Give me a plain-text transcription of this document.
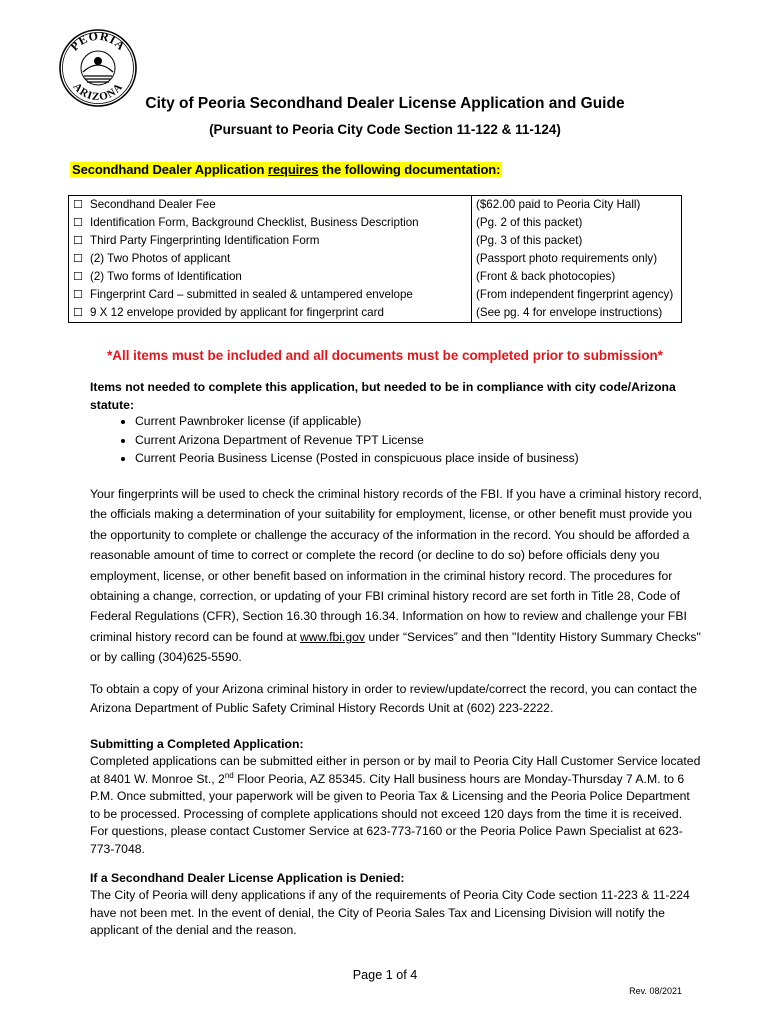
PEORIA
ARIZONA
City of Peoria Secondhand Dealer License Application and Guide
(Pursuant to Peoria City Code Section 11-122 & 11-124)
Secondhand Dealer Application requires the following documentation:
☐ Secondhand Dealer Fee	($62.00 paid to Peoria City Hall)
☐ Identification Form, Background Checklist, Business Description	(Pg. 2 of this packet)
☐ Third Party Fingerprinting Identification Form	(Pg. 3 of this packet)
☐ (2) Two Photos of applicant	(Passport photo requirements only)
☐ (2) Two forms of Identification	(Front & back photocopies)
☐ Fingerprint Card – submitted in sealed & untampered envelope	(From independent fingerprint agency)
☐ 9 X 12 envelope provided by applicant for fingerprint card	(See pg. 4 for envelope instructions)
*All items must be included and all documents must be completed prior to submission*
Items not needed to complete this application, but needed to be in compliance with city code/Arizona statute:
• Current Pawnbroker license (if applicable)
• Current Arizona Department of Revenue TPT License
• Current Peoria Business License (Posted in conspicuous place inside of business)

Your fingerprints will be used to check the criminal history records of the FBI. If you have a criminal history record, the officials making a determination of your suitability for employment, license, or other benefit must provide you the opportunity to complete or challenge the accuracy of the information in the record. You should be afforded a reasonable amount of time to correct or complete the record (or decline to do so) before officials deny you employment, license, or other benefit based on information in the criminal history record. The procedures for obtaining a change, correction, or updating of your FBI criminal history record are set forth in Title 28, Code of Federal Regulations (CFR), Section 16.30 through 16.34. Information on how to review and challenge your FBI criminal history record can be found at www.fbi.gov under “Services” and then "Identity History Summary Checks" or by calling (304)625-5590.

To obtain a copy of your Arizona criminal history in order to review/update/correct the record, you can contact the Arizona Department of Public Safety Criminal History Records Unit at (602) 223-2222.

Submitting a Completed Application:

Completed applications can be submitted either in person or by mail to Peoria City Hall Customer Service located at 8401 W. Monroe St., 2nd Floor Peoria, AZ 85345. City Hall business hours are Monday-Thursday 7 A.M. to 6 P.M. Once submitted, your paperwork will be given to Peoria Tax & Licensing and the Peoria Police Department to be processed. Processing of complete applications should not exceed 120 days from the time it is received. For questions, please contact Customer Service at 623-773-7160 or the Peoria Police Pawn Specialist at 623-773-7048.

If a Secondhand Dealer License Application is Denied:

The City of Peoria will deny applications if any of the requirements of Peoria City Code section 11-223 & 11-224 have not been met. In the event of denial, the City of Peoria Sales Tax and Licensing Division will notify the applicant of the denial and the reason.

Page 1 of 4
Rev. 08/2021
